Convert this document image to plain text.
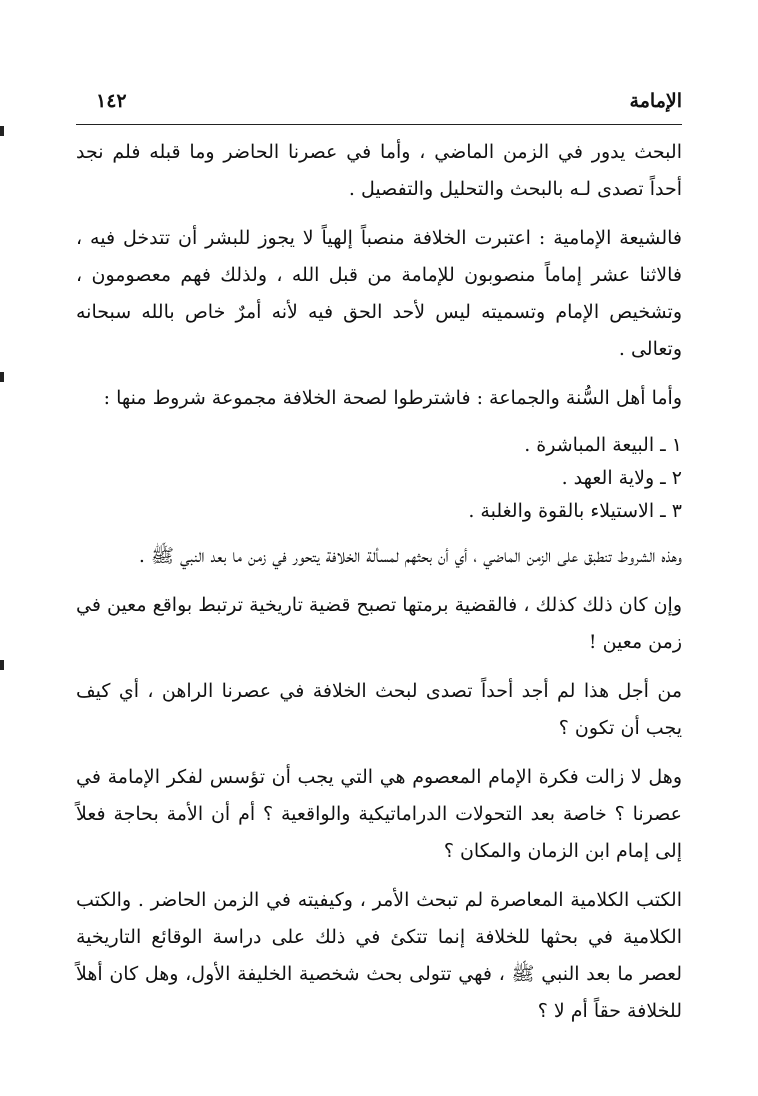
الإمامة
١٤٢

البحث يدور في الزمن الماضي ، وأما في عصرنا الحاضر وما قبله فلم نجد أحداً تصدى لـه بالبحث والتحليل والتفصيل .

فالشيعة الإمامية : اعتبرت الخلافة منصباً إلهياً لا يجوز للبشر أن تتدخل فيه ، فالاثنا عشر إماماً منصوبون للإمامة من قبل الله ، ولذلك فهم معصومون ، وتشخيص الإمام وتسميته ليس لأحد الحق فيه لأنه أمرٌ خاص بالله سبحانه وتعالى .

وأما أهل السُّنة والجماعة : فاشترطوا لصحة الخلافة مجموعة شروط منها :

١ ـ البيعة المباشرة .

٢ ـ ولاية العهد .

٣ ـ الاستيلاء بالقوة والغلبة .

وهذه الشروط تنطبق على الزمن الماضي ، أي أن بحثهم لمسألة الخلافة يتحور في زمن ما بعد النبي ﷺ .

وإن كان ذلك كذلك ، فالقضية برمتها تصبح قضية تاريخية ترتبط بواقع معين في زمن معين !

من أجل هذا لم أجد أحداً تصدى لبحث الخلافة في عصرنا الراهن ، أي كيف يجب أن تكون ؟

وهل لا زالت فكرة الإمام المعصوم هي التي يجب أن تؤسس لفكر الإمامة في عصرنا ؟ خاصة بعد التحولات الدراماتيكية والواقعية ؟ أم أن الأمة بحاجة فعلاً إلى إمام ابن الزمان والمكان ؟

الكتب الكلامية المعاصرة لم تبحث الأمر ، وكيفيته في الزمن الحاضر . والكتب الكلامية في بحثها للخلافة إنما تتكئ في ذلك على دراسة الوقائع التاريخية لعصر ما بعد النبي ﷺ ، فهي تتولى بحث شخصية الخليفة الأول، وهل كان أهلاً للخلافة حقاً أم لا ؟
